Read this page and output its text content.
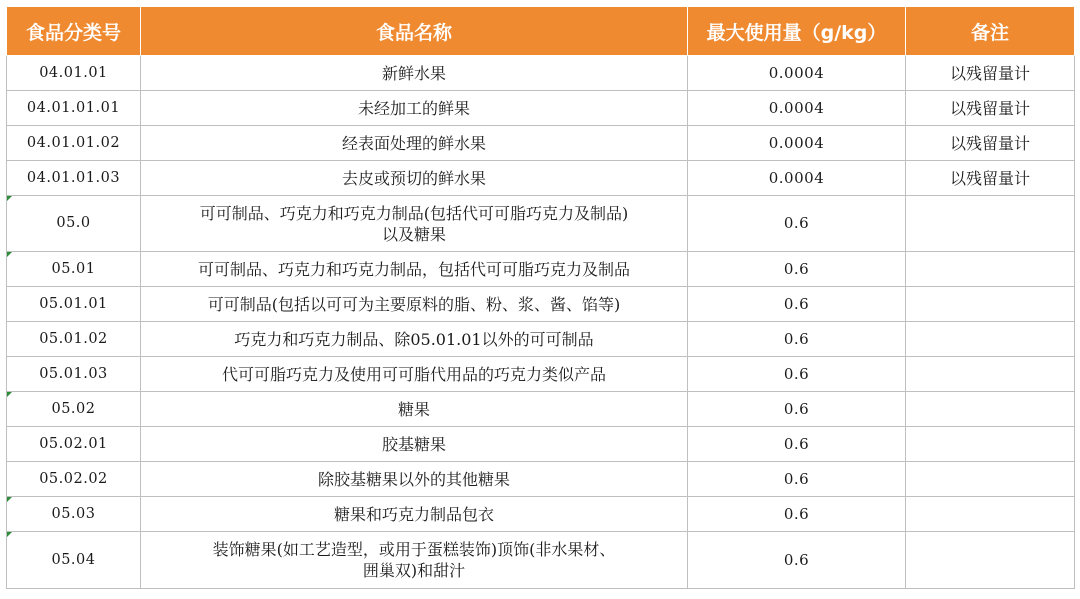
食品分类号	食品名称	最大使用量（g/kg）	备注
04.01.01	新鲜水果	0.0004	以残留量计
04.01.01.01	未经加工的鲜果	0.0004	以残留量计
04.01.01.02	经表面处理的鲜水果	0.0004	以残留量计
04.01.01.03	去皮或预切的鲜水果	0.0004	以残留量计

05.0	可可制品、巧克力和巧克力制品(包括代可可脂巧克力及制品)
以及糖果	0.6	

05.01	可可制品、巧克力和巧克力制品，包括代可可脂巧克力及制品	0.6	
05.01.01	可可制品(包括以可可为主要原料的脂、粉、浆、酱、馅等)	0.6	
05.01.02	巧克力和巧克力制品、除05.01.01以外的可可制品	0.6	
05.01.03	代可可脂巧克力及使用可可脂代用品的巧克力类似产品	0.6	

05.02	糖果	0.6	
05.02.01	胶基糖果	0.6	
05.02.02	除胶基糖果以外的其他糖果	0.6	

05.03	糖果和巧克力制品包衣	0.6	

05.04	装饰糖果(如工艺造型，或用于蛋糕装饰)顶饰(非水果材、
囲巢双)和甜汁	0.6	
